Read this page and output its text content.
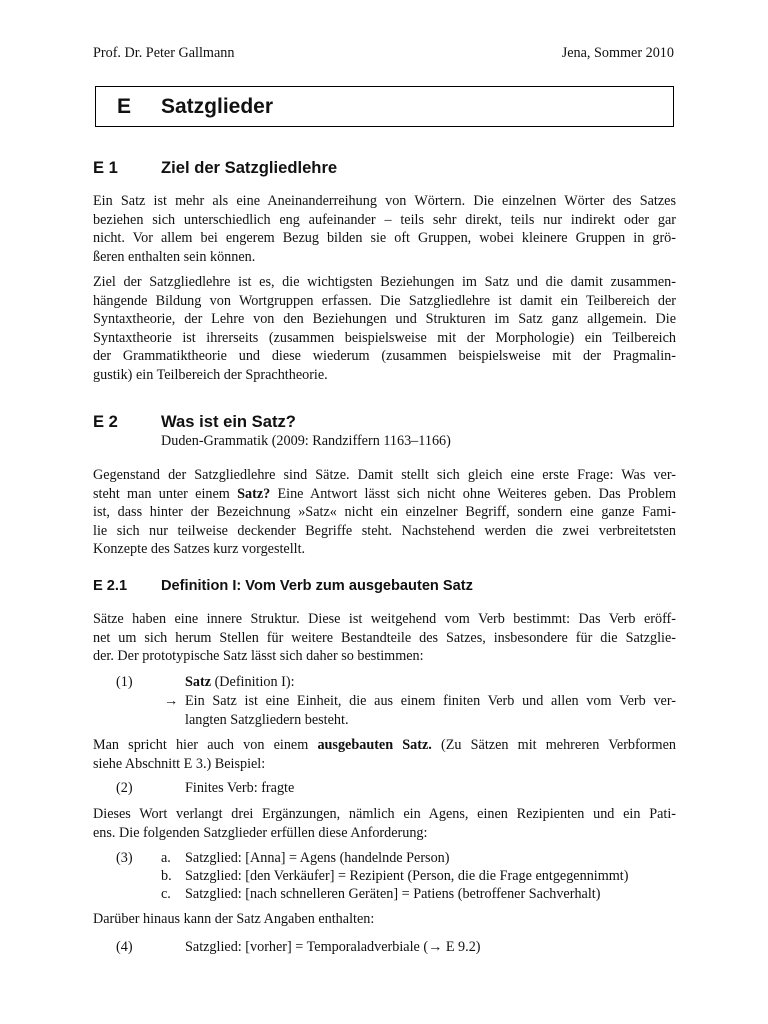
Prof. Dr. Peter Gallmann	Jena, Sommer 2010
E Satzglieder
E 1	Ziel der Satzgliedlehre
Ein Satz ist mehr als eine Aneinanderreihung von Wörtern. Die einzelnen Wörter des Satzes
beziehen sich unterschiedlich eng aufeinander – teils sehr direkt, teils nur indirekt oder gar
nicht. Vor allem bei engerem Bezug bilden sie oft Gruppen, wobei kleinere Gruppen in grö-
ßeren enthalten sein können.
Ziel der Satzgliedlehre ist es, die wichtigsten Beziehungen im Satz und die damit zusammen-
hängende Bildung von Wortgruppen erfassen. Die Satzgliedlehre ist damit ein Teilbereich der
Syntaxtheorie, der Lehre von den Beziehungen und Strukturen im Satz ganz allgemein. Die
Syntaxtheorie ist ihrerseits (zusammen beispielsweise mit der Morphologie) ein Teilbereich
der Grammatiktheorie und diese wiederum (zusammen beispielsweise mit der Pragmalin-
gustik) ein Teilbereich der Sprachtheorie.
E 2	Was ist ein Satz?
Duden-Grammatik (2009: Randziffern 1163–1166)
Gegenstand der Satzgliedlehre sind Sätze. Damit stellt sich gleich eine erste Frage: Was ver-
steht man unter einem Satz? Eine Antwort lässt sich nicht ohne Weiteres geben. Das Problem
ist, dass hinter der Bezeichnung »Satz« nicht ein einzelner Begriff, sondern eine ganze Fami-
lie sich nur teilweise deckender Begriffe steht. Nachstehend werden die zwei verbreitetsten
Konzepte des Satzes kurz vorgestellt.
E 2.1 Definition I: Vom Verb zum ausgebauten Satz
Sätze haben eine innere Struktur. Diese ist weitgehend vom Verb bestimmt: Das Verb eröff-
net um sich herum Stellen für weitere Bestandteile des Satzes, insbesondere für die Satzglie-
der. Der prototypische Satz lässt sich daher so bestimmen:
(1)	Satz (Definition I):
→ Ein Satz ist eine Einheit, die aus einem finiten Verb und allen vom Verb ver-
langten Satzgliedern besteht.
Man spricht hier auch von einem ausgebauten Satz. (Zu Sätzen mit mehreren Verbformen
siehe Abschnitt E 3.) Beispiel:
(2)	Finites Verb: fragte
Dieses Wort verlangt drei Ergänzungen, nämlich ein Agens, einen Rezipienten und ein Pati-
ens. Die folgenden Satzglieder erfüllen diese Anforderung:
(3) a. Satzglied: [Anna] = Agens (handelnde Person)
b. Satzglied: [den Verkäufer] = Rezipient (Person, die die Frage entgegennimmt)
c. Satzglied: [nach schnelleren Geräten] = Patiens (betroffener Sachverhalt)
Darüber hinaus kann der Satz Angaben enthalten:
(4)	Satzglied: [vorher] = Temporaladverbiale (→ E 9.2)
